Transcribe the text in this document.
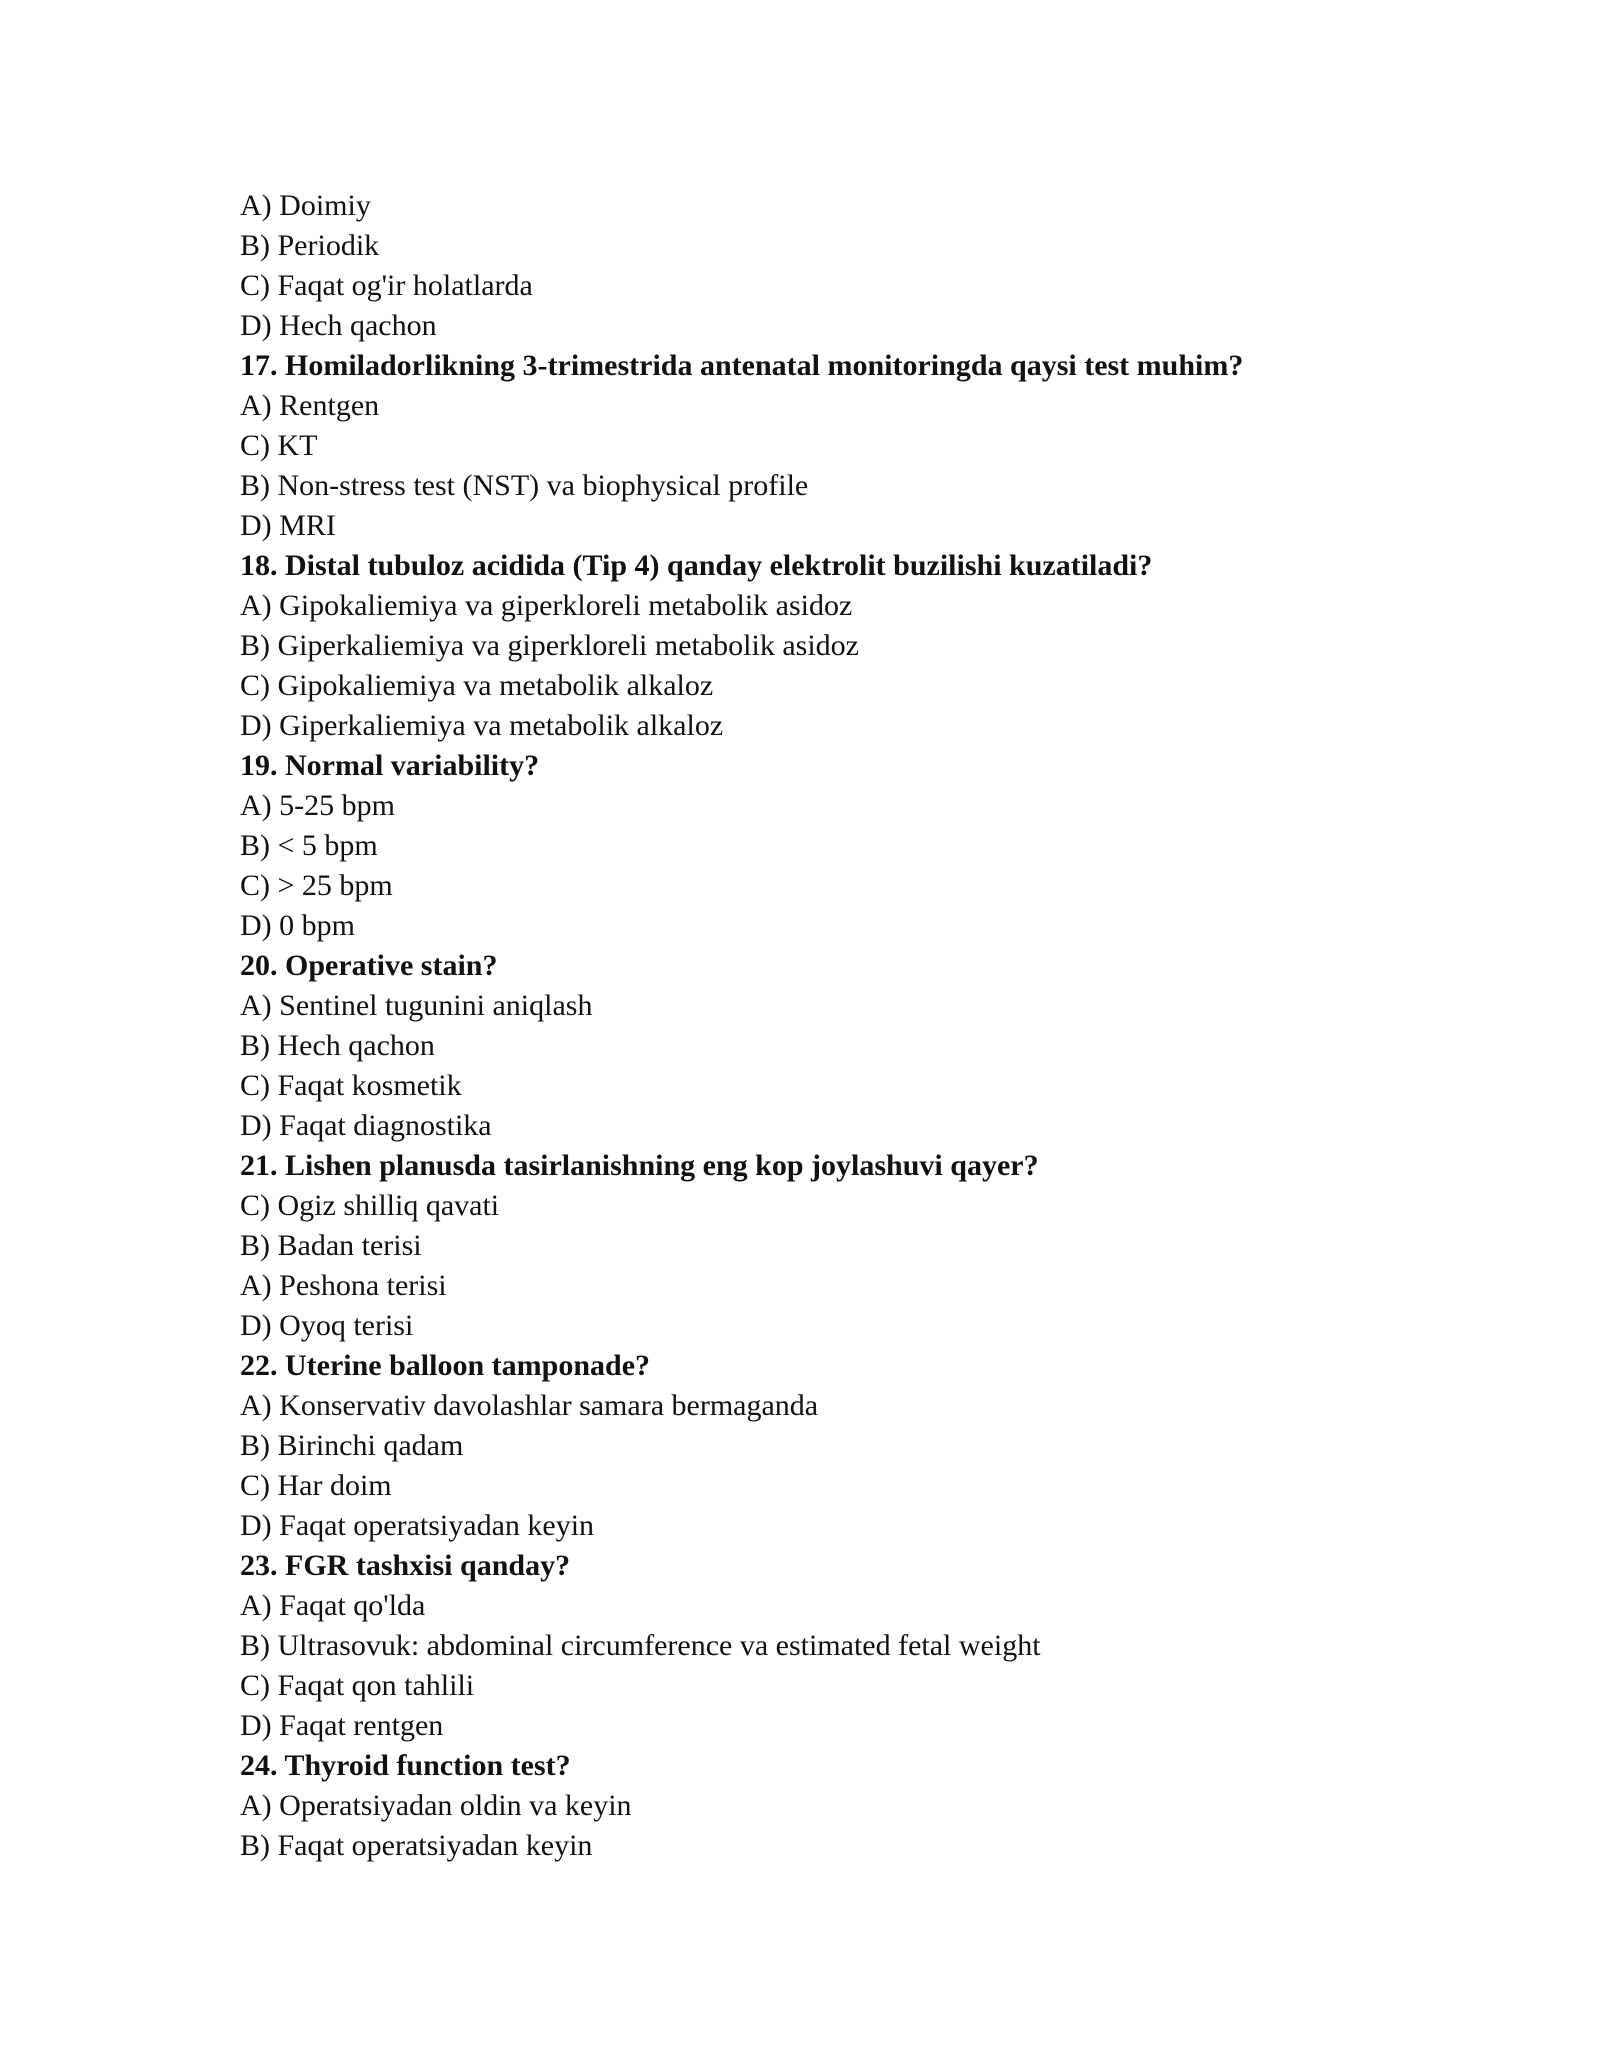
A) Doimiy
B) Periodik
C) Faqat og'ir holatlarda
D) Hech qachon
17. Homiladorlikning 3-trimestrida antenatal monitoringda qaysi test muhim?
A) Rentgen
C) KT
B) Non-stress test (NST) va biophysical profile
D) MRI
18. Distal tubuloz acidida (Tip 4) qanday elektrolit buzilishi kuzatiladi?
A) Gipokaliemiya va giperkloreli metabolik asidoz
B) Giperkaliemiya va giperkloreli metabolik asidoz
C) Gipokaliemiya va metabolik alkaloz
D) Giperkaliemiya va metabolik alkaloz
19. Normal variability?
A) 5-25 bpm
B) < 5 bpm
C) > 25 bpm
D) 0 bpm
20. Operative stain?
A) Sentinel tugunini aniqlash
B) Hech qachon
C) Faqat kosmetik
D) Faqat diagnostika
21. Lishen planusda tasirlanishning eng kop joylashuvi qayer?
C) Ogiz shilliq qavati
B) Badan terisi
A) Peshona terisi
D) Oyoq terisi
22. Uterine balloon tamponade?
A) Konservativ davolashlar samara bermaganda
B) Birinchi qadam
C) Har doim
D) Faqat operatsiyadan keyin
23. FGR tashxisi qanday?
A) Faqat qo'lda
B) Ultrasovuk: abdominal circumference va estimated fetal weight
C) Faqat qon tahlili
D) Faqat rentgen
24. Thyroid function test?
A) Operatsiyadan oldin va keyin
B) Faqat operatsiyadan keyin
